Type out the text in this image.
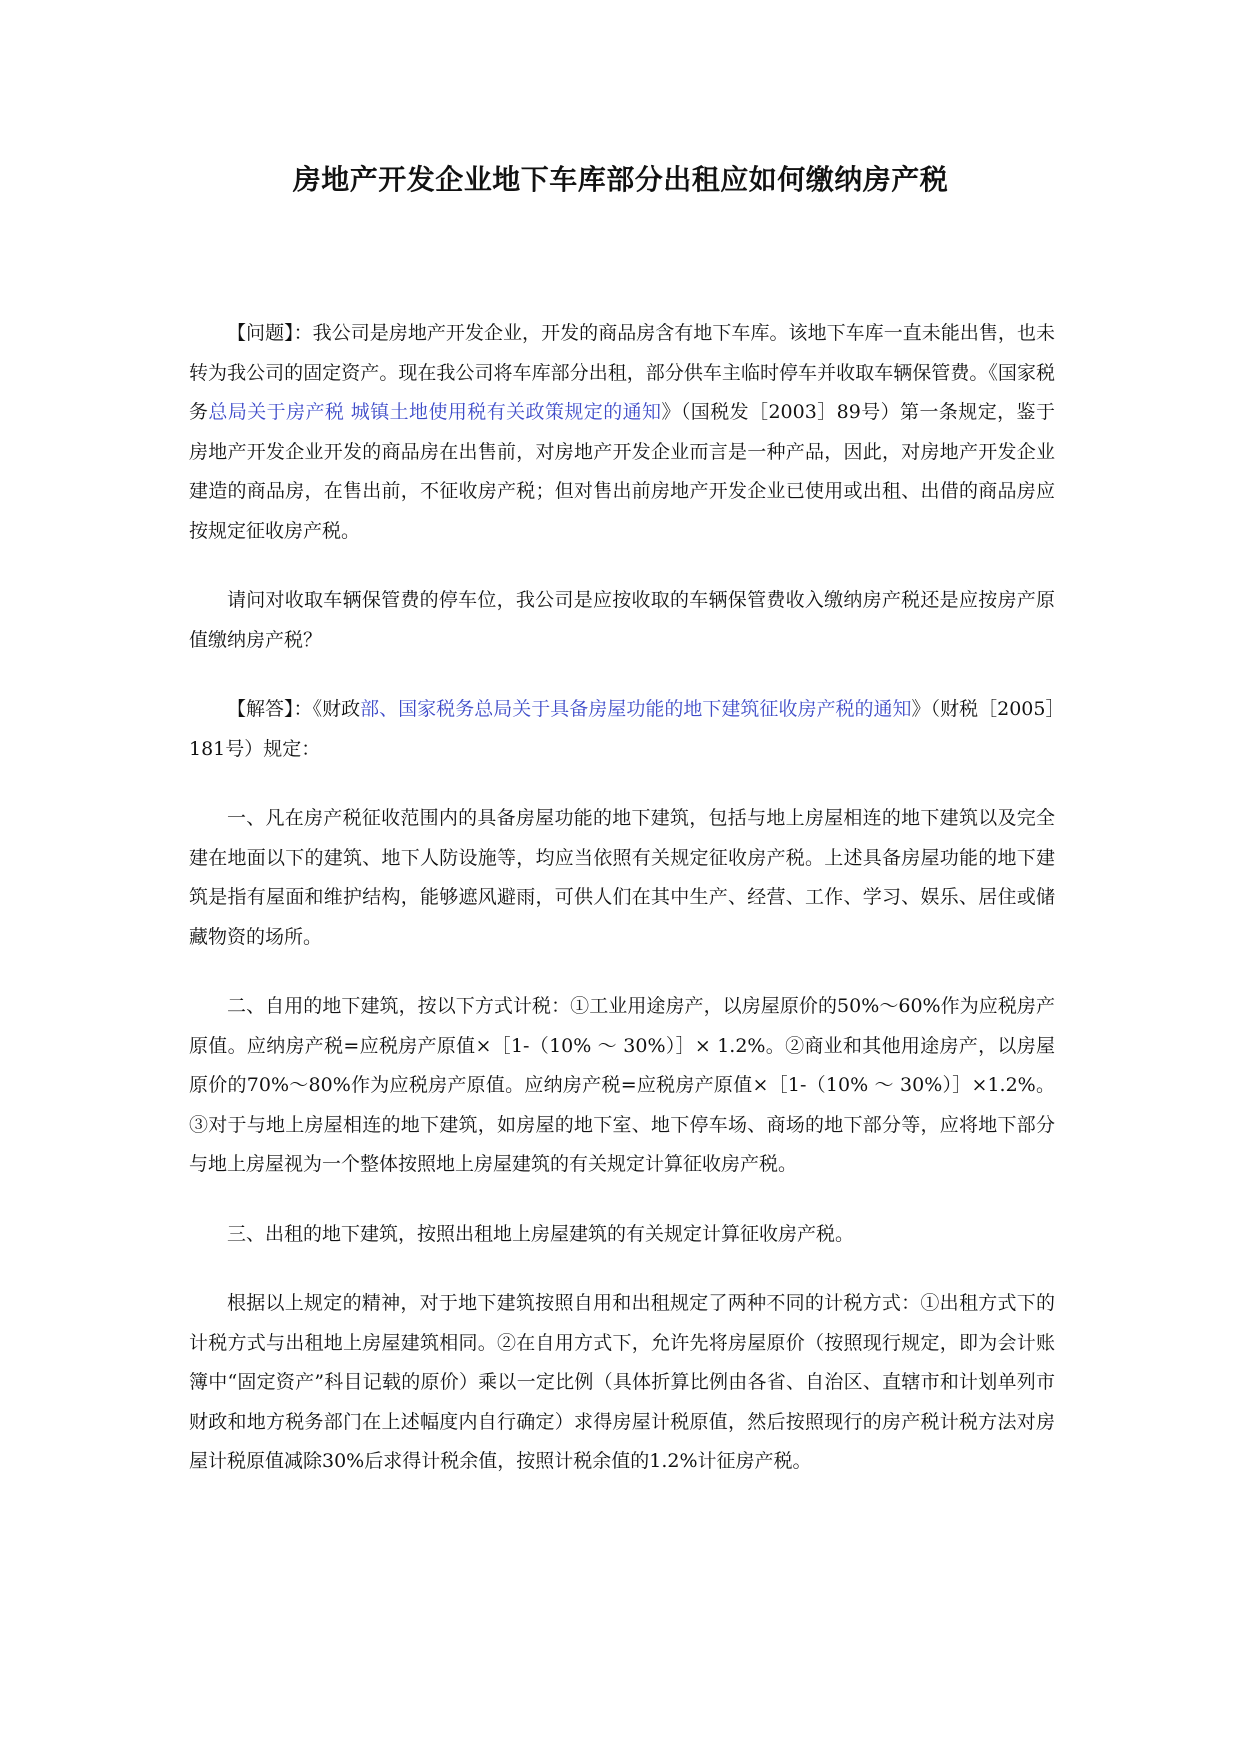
房地产开发企业地下车库部分出租应如何缴纳房产税

【问题】：我公司是房地产开发企业，开发的商品房含有地下车库。该地下车库一直未能出售，也未转为我公司的固定资产。现在我公司将车库部分出租，部分供车主临时停车并收取车辆保管费。《国家税务总局关于房产税 城镇土地使用税有关政策规定的通知》（国税发［2003］89号）第一条规定，鉴于房地产开发企业开发的商品房在出售前，对房地产开发企业而言是一种产品，因此，对房地产开发企业建造的商品房，在售出前，不征收房产税；但对售出前房地产开发企业已使用或出租、出借的商品房应按规定征收房产税。

请问对收取车辆保管费的停车位，我公司是应按收取的车辆保管费收入缴纳房产税还是应按房产原值缴纳房产税？

【解答】：《财政部、国家税务总局关于具备房屋功能的地下建筑征收房产税的通知》（财税［2005］181号）规定：

一、凡在房产税征收范围内的具备房屋功能的地下建筑，包括与地上房屋相连的地下建筑以及完全建在地面以下的建筑、地下人防设施等，均应当依照有关规定征收房产税。上述具备房屋功能的地下建筑是指有屋面和维护结构，能够遮风避雨，可供人们在其中生产、经营、工作、学习、娱乐、居住或储藏物资的场所。

二、自用的地下建筑，按以下方式计税：①工业用途房产，以房屋原价的50%～60%作为应税房产原值。应纳房产税=应税房产原值×［1-（10% ～ 30%）］× 1.2%。②商业和其他用途房产，以房屋原价的70%～80%作为应税房产原值。应纳房产税=应税房产原值×［1-（10% ～ 30%）］×1.2%。③对于与地上房屋相连的地下建筑，如房屋的地下室、地下停车场、商场的地下部分等，应将地下部分与地上房屋视为一个整体按照地上房屋建筑的有关规定计算征收房产税。

三、出租的地下建筑，按照出租地上房屋建筑的有关规定计算征收房产税。

根据以上规定的精神，对于地下建筑按照自用和出租规定了两种不同的计税方式：①出租方式下的计税方式与出租地上房屋建筑相同。②在自用方式下，允许先将房屋原价（按照现行规定，即为会计账簿中“固定资产”科目记载的原价）乘以一定比例（具体折算比例由各省、自治区、直辖市和计划单列市财政和地方税务部门在上述幅度内自行确定）求得房屋计税原值，然后按照现行的房产税计税方法对房屋计税原值减除30%后求得计税余值，按照计税余值的1.2%计征房产税。
